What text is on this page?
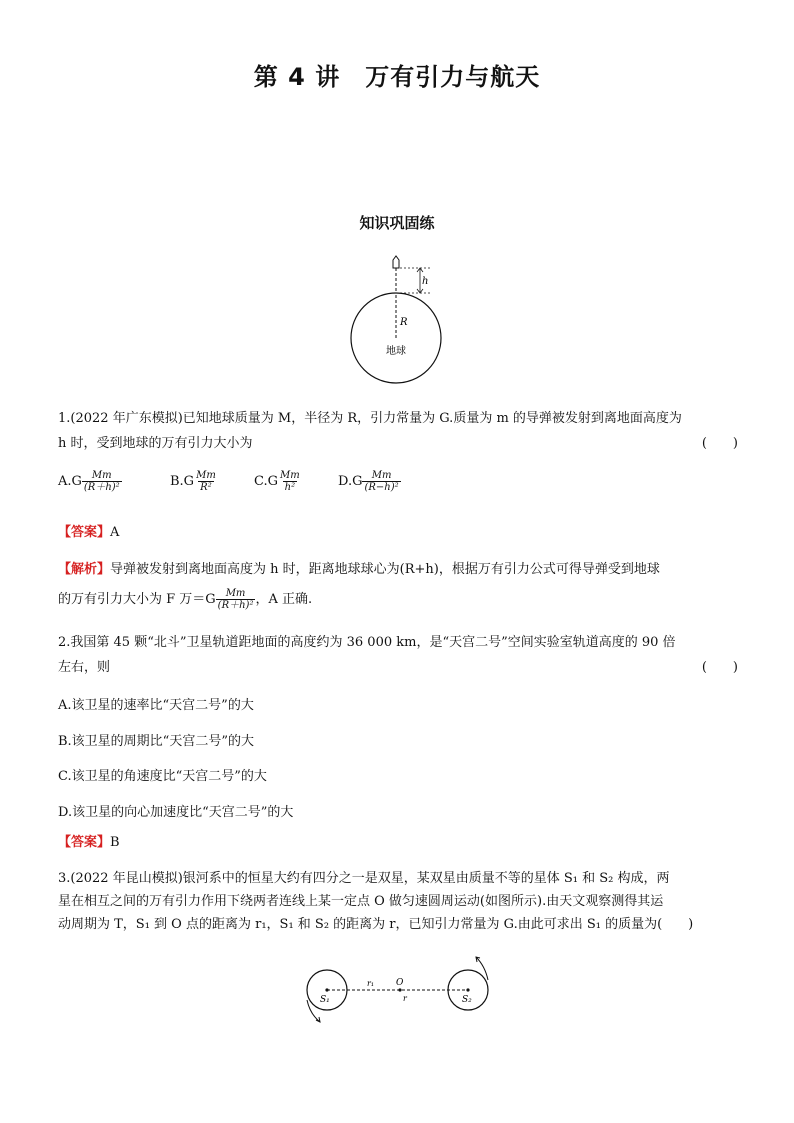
第 4 讲　万有引力与航天
知识巩固练
h
R
地球
1.(2022 年广东模拟)已知地球质量为 M，半径为 R，引力常量为 G.质量为 m 的导弹被发射到离地面高度为
h 时，受到地球的万有引力大小为	(　　)
$A.G \frac{Mm}{\text{(R＋h)²}}$	$B.G \frac{Mm}{\text{R²}}$	$C.G \frac{Mm}{\text{h²}}$	$D.G \frac{Mm}{\text{(R−h)²}}$
【答案】A
【解析】导弹被发射到离地面高度为 h 时，距离地球球心为(R+h)，根据万有引力公式可得导弹受到地球
的万有引力大小为 F 万$=G \frac{Mm}{\text{(R＋h)²}}$ ，A 正确.
2.我国第 45 颗“北斗”卫星轨道距地面的高度约为 36 000 km，是“天宫二号”空间实验室轨道高度的 90 倍
左右，则	(　　)
A.该卫星的速率比“天宫二号”的大
B.该卫星的周期比“天宫二号”的大
C.该卫星的角速度比“天宫二号”的大
D.该卫星的向心加速度比“天宫二号”的大
【答案】B
3.(2022 年昆山模拟)银河系中的恒星大约有四分之一是双星，某双星由质量不等的星体 S₁ 和 S₂ 构成，两
星在相互之间的万有引力作用下绕两者连线上某一定点 O 做匀速圆周运动(如图所示).由天文观察测得其运
动周期为 T，S₁ 到 O 点的距离为 r₁，S₁ 和 S₂ 的距离为 r，已知引力常量为 G.由此可求出 S₁ 的质量为(　　)
S₁	S₂
r₁ O
r
